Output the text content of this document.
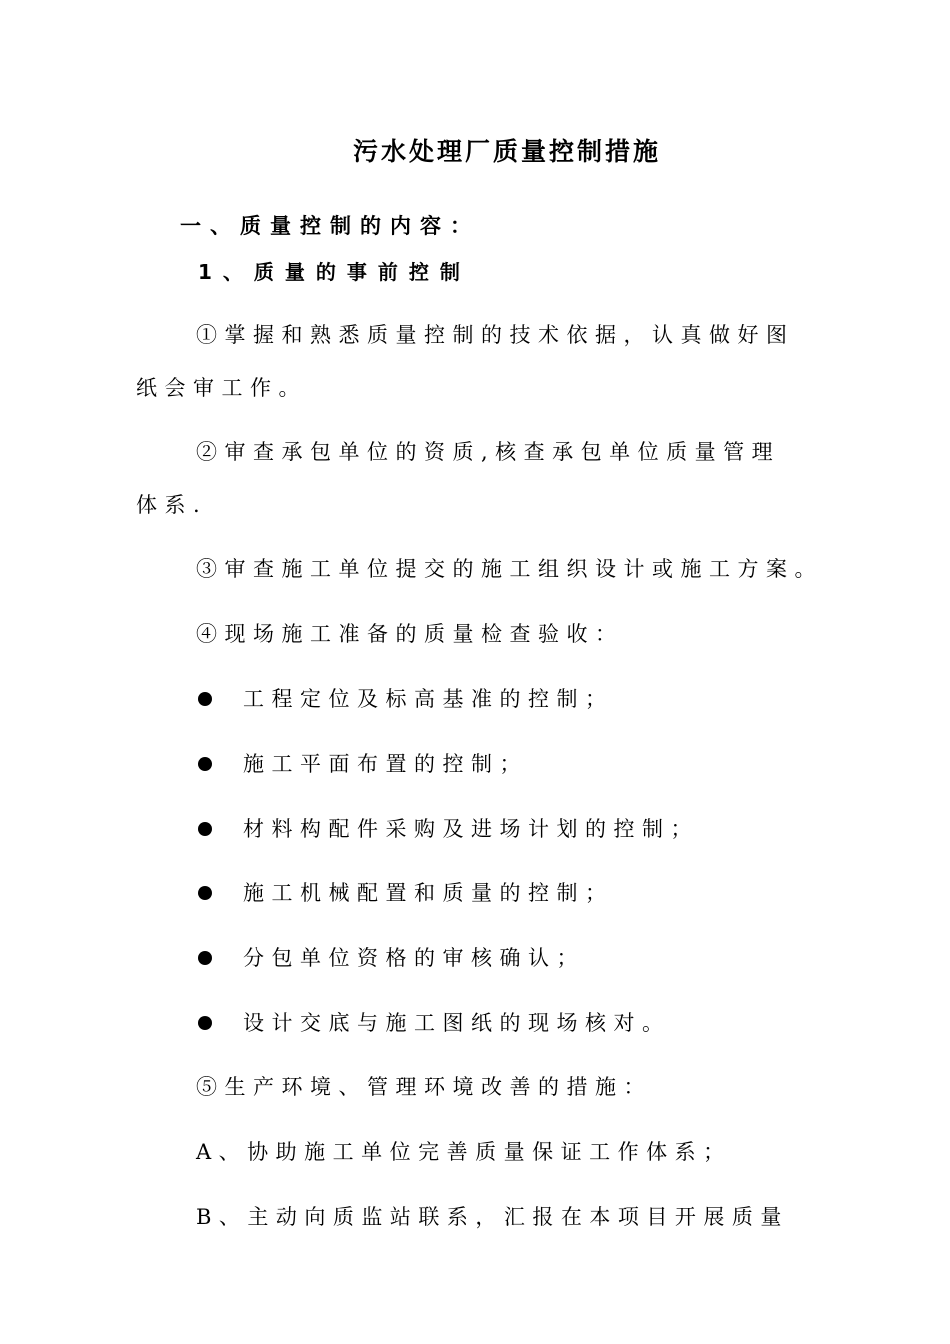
污水处理厂质量控制措施
一、质量控制的内容：
1、质量的事前控制
①掌握和熟悉质量控制的技术依据，认真做好图
纸会审工作。
②审查承包单位的资质,核查承包单位质量管理
体系.
③审查施工单位提交的施工组织设计或施工方案。
④现场施工准备的质量检查验收：
工程定位及标高基准的控制；
施工平面布置的控制；
材料构配件采购及进场计划的控制；
施工机械配置和质量的控制；
分包单位资格的审核确认；
设计交底与施工图纸的现场核对。
⑤生产环境、管理环境改善的措施：
A、协助施工单位完善质量保证工作体系；
B、主动向质监站联系，汇报在本项目开展质量
